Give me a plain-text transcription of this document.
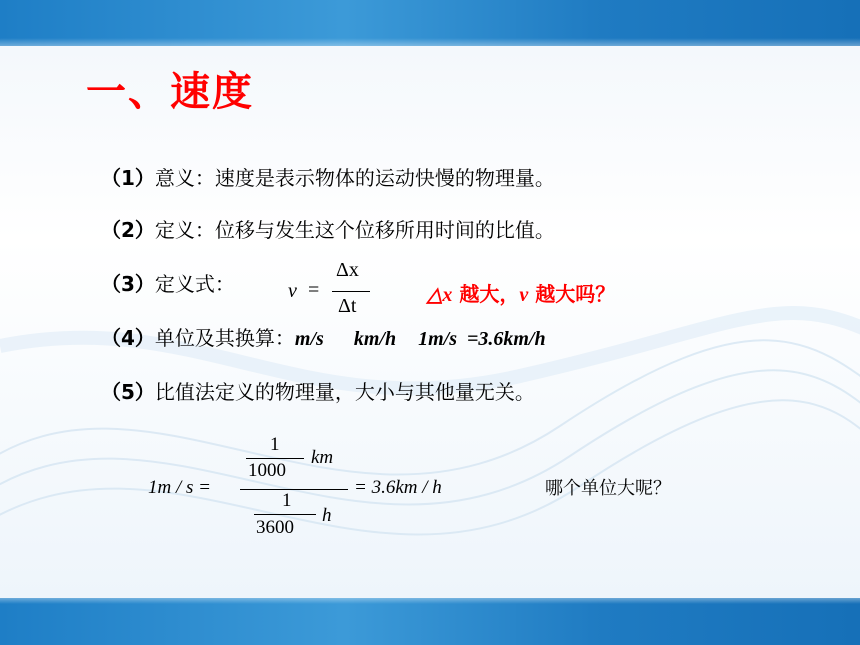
一、速度
（1）意义：速度是表示物体的运动快慢的物理量。
（2）定义：位移与发生这个位移所用时间的比值。
（3）定义式：	v =
Δx
Δt	△x 越大，v 越大吗？
（4）单位及其换算：m/s km/h 1m/s  =3.6km/h
（5）比值法定义的物理量，大小与其他量无关。
1m / s =
1
1000
km
1
3600
h
= 3.6km / h	哪个单位大呢？
